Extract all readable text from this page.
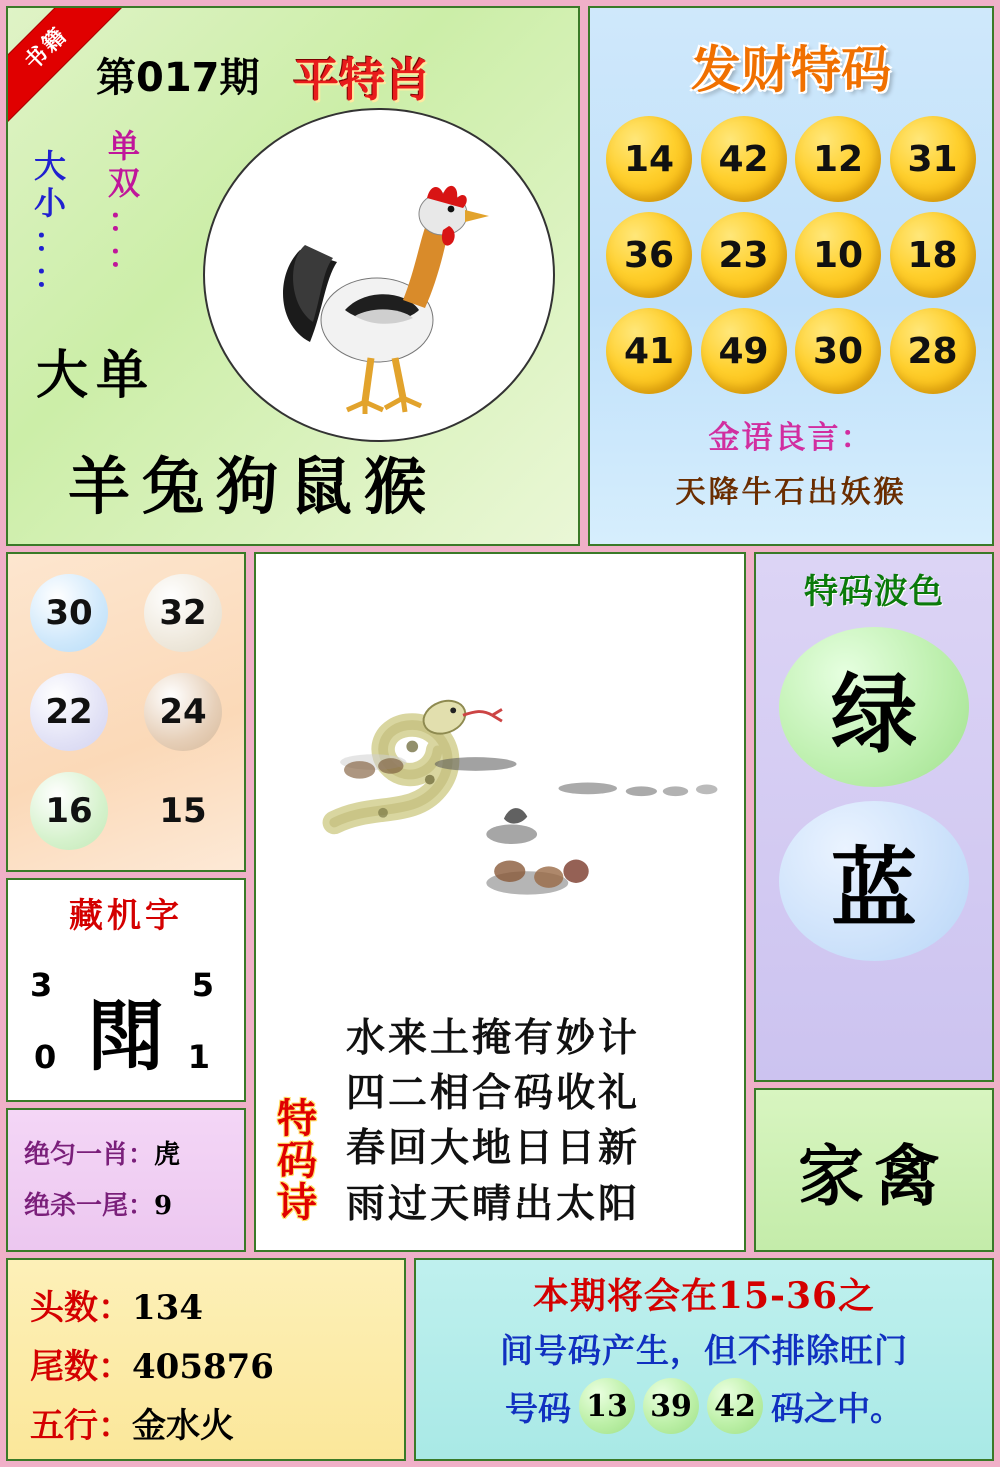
书籍
第017期 平特肖
大
小
：
：
单
双
：
：
大单
羊兔狗鼠猴
发财特码
14	42	12	31
36	23	10	18
41	49	30	28
金语良言：
天降牛石出妖猴
30	32
22	24
16	15
藏机字
3	5
0	1
閗
绝匀一肖：虎
绝杀一尾：9
特码诗
水来土掩有妙计
四二相合码收礼
春回大地日日新
雨过天晴出太阳
特码波色
绿
蓝
家禽
头数：134
尾数：405876
五行：金水火
本期将会在15-36之
间号码产生，但不排除旺门
号码 13 39 42 码之中。
